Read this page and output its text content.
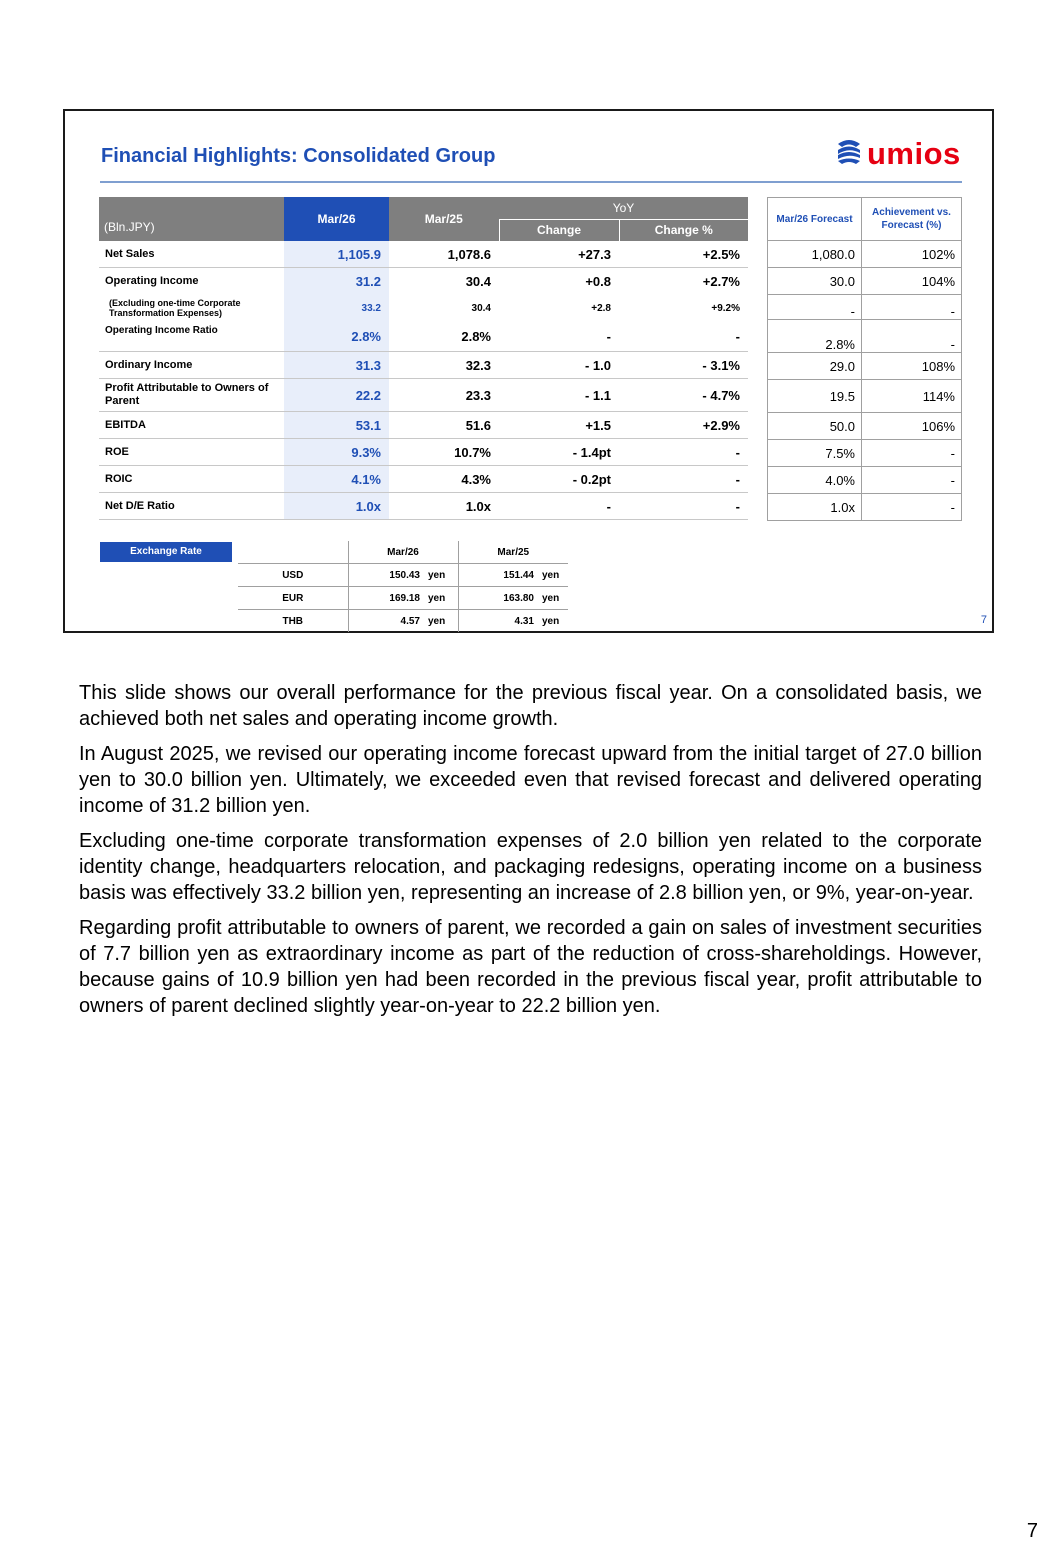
Financial Highlights: Consolidated Group	umios
(Bln.JPY)	Mar/26	Mar/25	YoY	
			Change	Change %
Net Sales	1,105.9	1,078.6	+27.3	+2.5%
Operating Income	31.2	30.4	+0.8	+2.7%
(Excluding one-time Corporate Transformation Expenses)	33.2	30.4	+2.8	+9.2%
Operating Income Ratio	2.8%	2.8%	-	-
Ordinary Income	31.3	32.3	- 1.0	- 3.1%
Profit Attributable to Owners of Parent	22.2	23.3	- 1.1	- 4.7%
EBITDA	53.1	51.6	+1.5	+2.9%
ROE	9.3%	10.7%	- 1.4pt	-
ROIC	4.1%	4.3%	- 0.2pt	-
Net D/E Ratio	1.0x	1.0x	-	-
Mar/26 Forecast	Achievement vs. Forecast (%)
1,080.0	102%
30.0	104%
-	-
2.8%	-
29.0	108%
19.5	114%
50.0	106%
7.5%	-
4.0%	-
1.0x	-
Exchange Rate
		Mar/26		Mar/25	
USD	150.43	yen	151.44	yen
EUR	169.18	yen	163.80	yen
THB	4.57	yen	4.31	yen	7

This slide shows our overall performance for the previous fiscal year. On a consolidated basis, we achieved both net sales and operating income growth.

In August 2025, we revised our operating income forecast upward from the initial target of 27.0 billion yen to 30.0 billion yen. Ultimately, we exceeded even that revised forecast and delivered operating income of 31.2 billion yen.

Excluding one-time corporate transformation expenses of 2.0 billion yen related to the corporate identity change, headquarters relocation, and packaging redesigns, operating income on a business basis was effectively 33.2 billion yen, representing an increase of 2.8 billion yen, or 9%, year-on-year.

Regarding profit attributable to owners of parent, we recorded a gain on sales of investment securities of 7.7 billion yen as extraordinary income as part of the reduction of cross-shareholdings. However, because gains of 10.9 billion yen had been recorded in the previous fiscal year, profit attributable to owners of parent declined slightly year-on-year to 22.2 billion yen.

7
